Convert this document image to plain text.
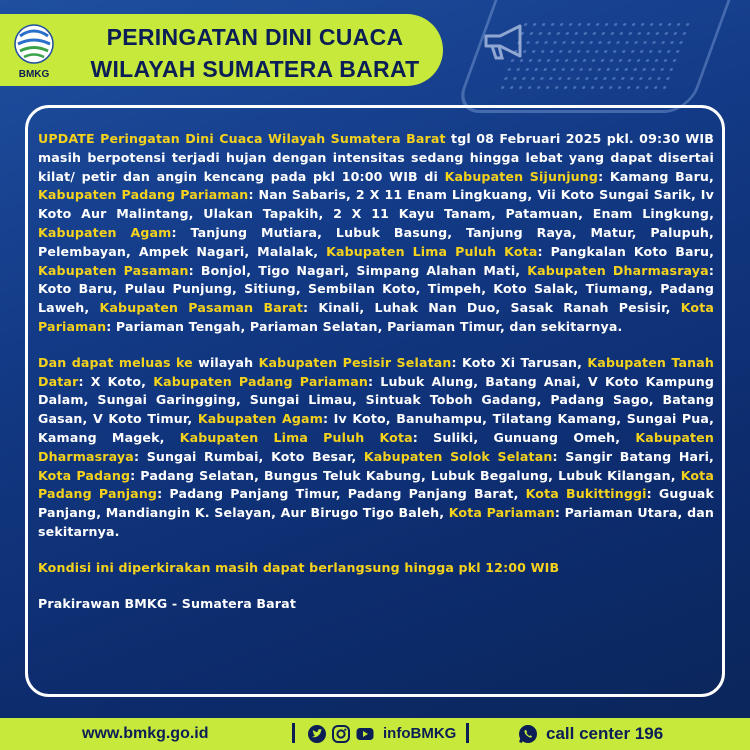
BMKG
PERINGATAN DINI CUACA
WILAYAH SUMATERA BARAT

UPDATE Peringatan Dini Cuaca Wilayah Sumatera Barat tgl 08 Februari 2025 pkl. 09:30 WIB masih berpotensi terjadi hujan dengan intensitas sedang hingga lebat yang dapat disertai kilat/ petir dan angin kencang pada pkl 10:00 WIB di Kabupaten Sijunjung: Kamang Baru, Kabupaten Padang Pariaman: Nan Sabaris, 2 X 11 Enam Lingkuang, Vii Koto Sungai Sarik, Iv Koto Aur Malintang, Ulakan Tapakih, 2 X 11 Kayu Tanam, Patamuan, Enam Lingkung, Kabupaten Agam: Tanjung Mutiara, Lubuk Basung, Tanjung Raya, Matur, Palupuh, Pelembayan, Ampek Nagari, Malalak, Kabupaten Lima Puluh Kota: Pangkalan Koto Baru, Kabupaten Pasaman: Bonjol, Tigo Nagari, Simpang Alahan Mati, Kabupaten Dharmasraya: Koto Baru, Pulau Punjung, Sitiung, Sembilan Koto, Timpeh, Koto Salak, Tiumang, Padang Laweh, Kabupaten Pasaman Barat: Kinali, Luhak Nan Duo, Sasak Ranah Pesisir, Kota Pariaman: Pariaman Tengah, Pariaman Selatan, Pariaman Timur, dan sekitarnya.

Dan dapat meluas ke wilayah Kabupaten Pesisir Selatan: Koto Xi Tarusan, Kabupaten Tanah Datar: X Koto, Kabupaten Padang Pariaman: Lubuk Alung, Batang Anai, V Koto Kampung Dalam, Sungai Garingging, Sungai Limau, Sintuak Toboh Gadang, Padang Sago, Batang Gasan, V Koto Timur, Kabupaten Agam: Iv Koto, Banuhampu, Tilatang Kamang, Sungai Pua, Kamang Magek, Kabupaten Lima Puluh Kota: Suliki, Gunuang Omeh, Kabupaten Dharmasraya: Sungai Rumbai, Koto Besar, Kabupaten Solok Selatan: Sangir Batang Hari, Kota Padang: Padang Selatan, Bungus Teluk Kabung, Lubuk Begalung, Lubuk Kilangan, Kota Padang Panjang: Padang Panjang Timur, Padang Panjang Barat, Kota Bukittinggi: Guguak Panjang, Mandiangin K. Selayan, Aur Birugo Tigo Baleh, Kota Pariaman: Pariaman Utara, dan sekitarnya.

Kondisi ini diperkirakan masih dapat berlangsung hingga pkl 12:00 WIB

Prakirawan BMKG - Sumatera Barat

www.bmkg.go.id	infoBMKG	call center 196
